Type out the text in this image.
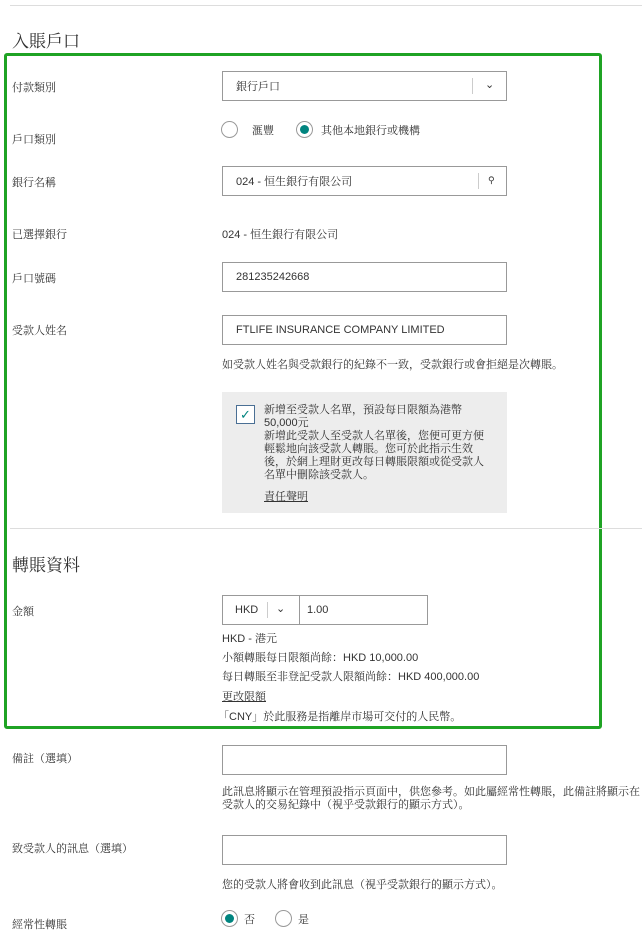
入賬戶口
付款類別	銀行戶口	⌄
戶口類別
滙豐	其他本地銀行或機構
銀行名稱	024 - 恒生銀行有限公司	⚲
已選擇銀行	024 - 恒生銀行有限公司
戶口號碼	281235242668
受款人姓名	FTLIFE INSURANCE COMPANY LIMITED
如受款人姓名與受款銀行的紀錄不一致，受款銀行或會拒絕是次轉賬。
✓	新增至受款人名單，預設每日限額為港幣50,000元
新增此受款人至受款人名單後，您便可更方便輕鬆地向該受款人轉賬。您可於此指示生效後，於網上理財更改每日轉賬限額或從受款人名單中刪除該受款人。
責任聲明
轉賬資料
金額	HKD ⌄ 1.00
HKD - 港元
小額轉賬每日限額尚餘：HKD 10,000.00
每日轉賬至非登記受款人限額尚餘：HKD 400,000.00
更改限額
「CNY」於此服務是指離岸市場可交付的人民幣。
備註（選填）
此訊息將顯示在管理預設指示頁面中，供您參考。如此屬經常性轉賬，此備註將顯示在受款人的交易紀錄中（視乎受款銀行的顯示方式）。
致受款人的訊息（選填）
您的受款人將會收到此訊息（視乎受款銀行的顯示方式）。
經常性轉賬	否	是
